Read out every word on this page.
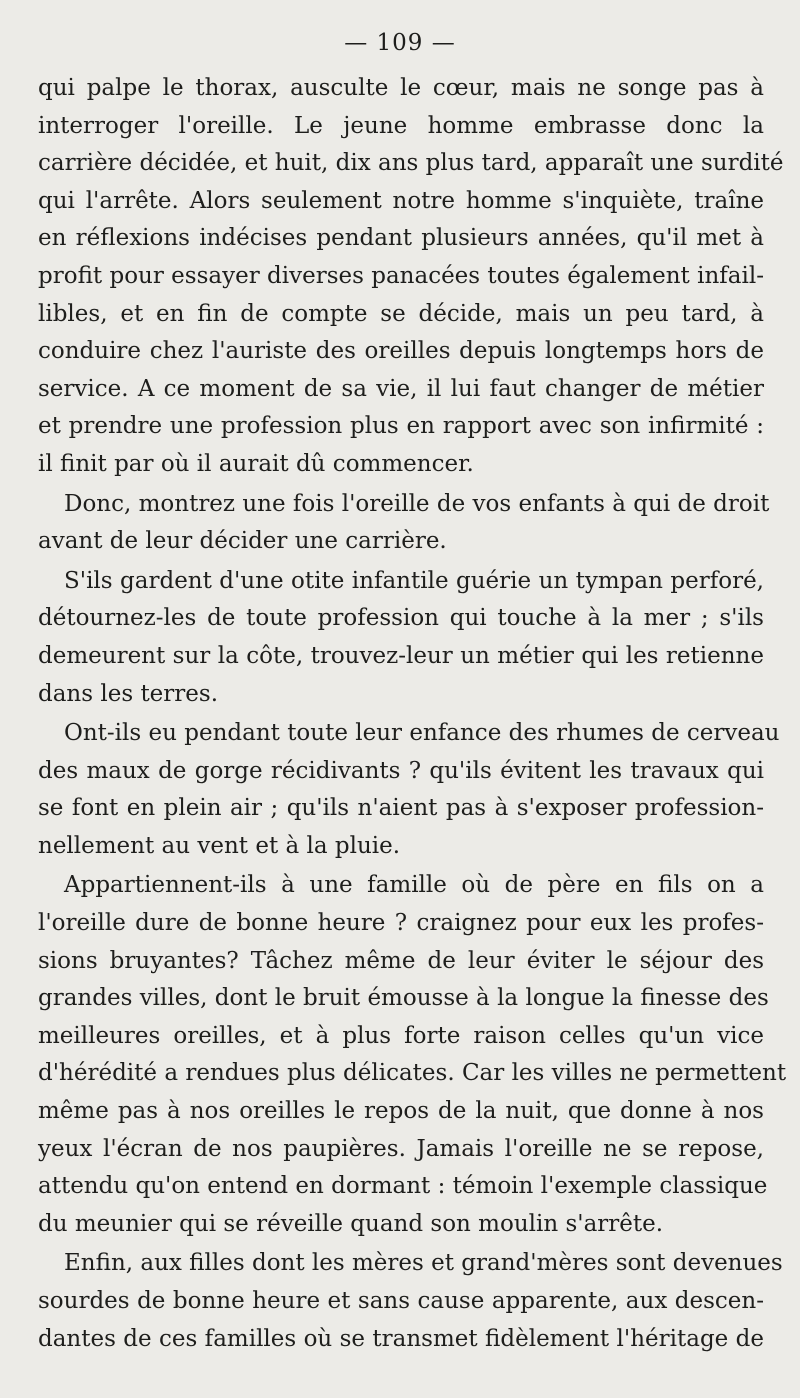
— 109 —
qui palpe le thorax, ausculte le cœur, mais ne songe pas à
interroger l'oreille. Le jeune homme embrasse donc la
carrière décidée, et huit, dix ans plus tard, apparaît une surdité
qui l'arrête. Alors seulement notre homme s'inquiète, traîne
en réflexions indécises pendant plusieurs années, qu'il met à
profit pour essayer diverses panacées toutes également infail-
libles, et en fin de compte se décide, mais un peu tard, à
conduire chez l'auriste des oreilles depuis longtemps hors de
service. A ce moment de sa vie, il lui faut changer de métier
et prendre une profession plus en rapport avec son infirmité :
il finit par où il aurait dû commencer.
Donc, montrez une fois l'oreille de vos enfants à qui de droit
avant de leur décider une carrière.
S'ils gardent d'une otite infantile guérie un tympan perforé,
détournez-les de toute profession qui touche à la mer ; s'ils
demeurent sur la côte, trouvez-leur un métier qui les retienne
dans les terres.
Ont-ils eu pendant toute leur enfance des rhumes de cerveau
des maux de gorge récidivants ? qu'ils évitent les travaux qui
se font en plein air ; qu'ils n'aient pas à s'exposer profession-
nellement au vent et à la pluie.
Appartiennent-ils à une famille où de père en fils on a
l'oreille dure de bonne heure ? craignez pour eux les profes-
sions bruyantes? Tâchez même de leur éviter le séjour des
grandes villes, dont le bruit émousse à la longue la finesse des
meilleures oreilles, et à plus forte raison celles qu'un vice
d'hérédité a rendues plus délicates. Car les villes ne permettent
même pas à nos oreilles le repos de la nuit, que donne à nos
yeux l'écran de nos paupières. Jamais l'oreille ne se repose,
attendu qu'on entend en dormant : témoin l'exemple classique
du meunier qui se réveille quand son moulin s'arrête.
Enfin, aux filles dont les mères et grand'mères sont devenues
sourdes de bonne heure et sans cause apparente, aux descen-
dantes de ces familles où se transmet fidèlement l'héritage de
